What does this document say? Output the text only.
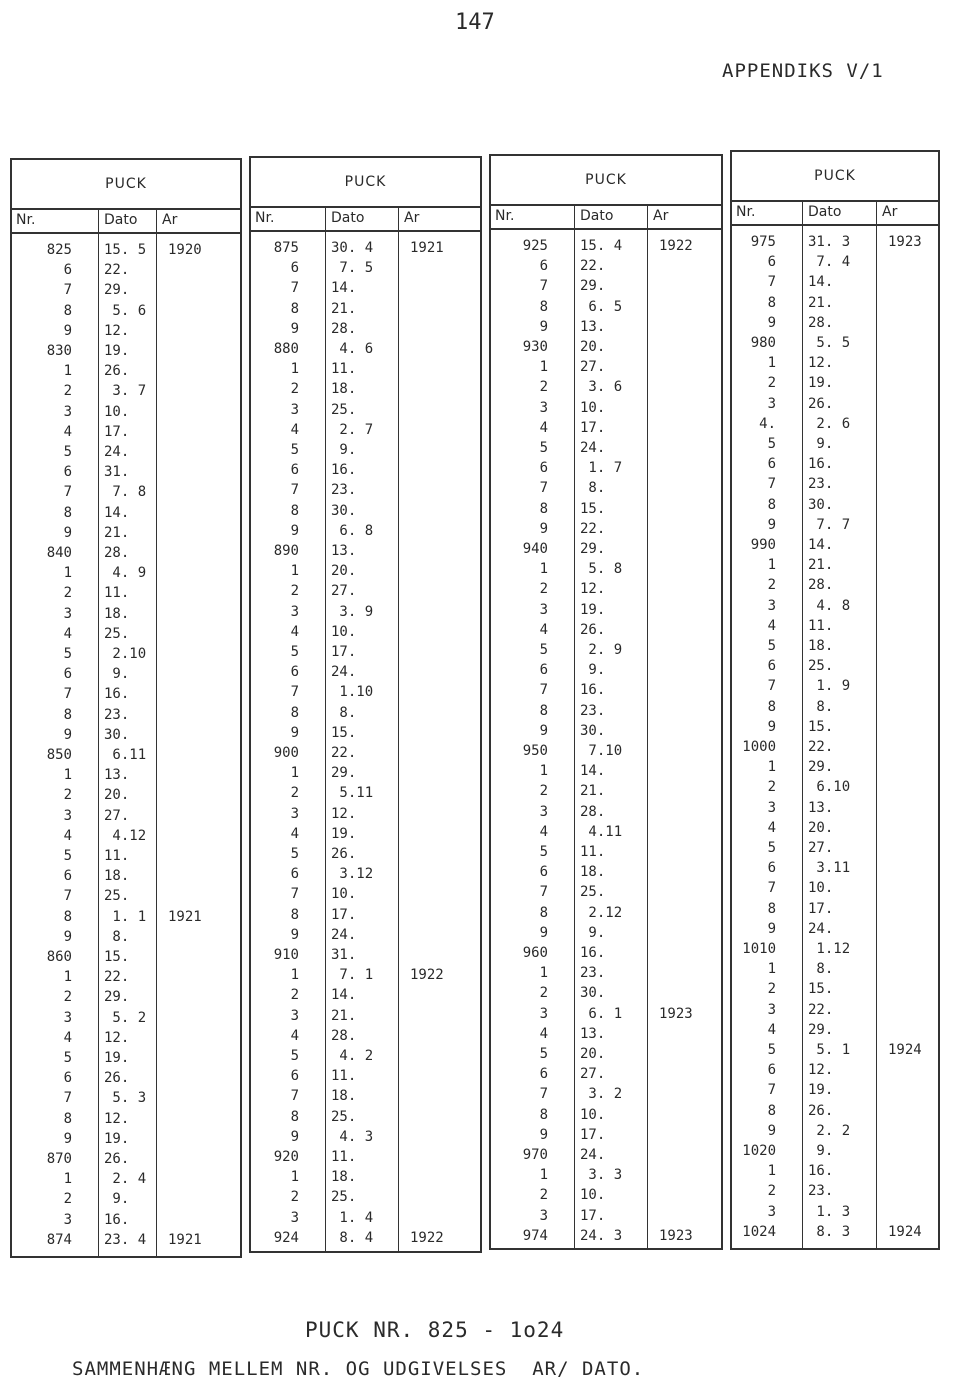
147
APPENDIKS V/1
PUCK
Nr.	Dato Ar
825 15. 5 1920
6 22.
7 29.
8 5. 6
9 12.
830 19.
1 26.
2 3. 7
3 10.
4 17.
5 24.
6 31.
7 7. 8
8 14.
9 21.
840 28.
1 4. 9
2 11.
3 18.
4 25.
5 2.10
6 9.
7 16.
8 23.
9 30.
850 6.11
1 13.
2 20.
3 27.
4 4.12
5 11.
6 18.
7 25.
8 1. 1 1921
9 8.
860 15.
1 22.
2 29.
3 5. 2
4 12.
5 19.
6 26.
7 5. 3
8 12.
9 19.
870 26.
1 2. 4
2 9.
3 16.
874 23. 4 1921
PUCK
Nr.	Dato	Ar
875 30. 4	1921
6 7. 5
7 14.
8 21.
9 28.
880 4. 6
1 11.
2 18.
3 25.
4 2. 7
5 9.
6 16.
7 23.
8 30.
9 6. 8
890 13.
1 20.
2 27.
3 3. 9
4 10.
5 17.
6 24.
7 1.10
8 8.
9 15.
900 22.
1 29.
2 5.11
3 12.
4 19.
5 26.
6 3.12
7 10.
8 17.
9 24.
910 31.
1 7. 1	1922
2 14.
3 21.
4 28.
5 4. 2
6 11.
7 18.
8 25.
9 4. 3
920 11.
1 18.
2 25.
3 1. 4
924 8. 4	1922
PUCK
Nr.	Dato	Ar
925 15. 4	1922
6 22.
7 29.
8 6. 5
9 13.
930 20.
1 27.
2 3. 6
3 10.
4 17.
5 24.
6 1. 7
7 8.
8 15.
9 22.
940 29.
1 5. 8
2 12.
3 19.
4 26.
5 2. 9
6 9.
7 16.
8 23.
9 30.
950 7.10
1 14.
2 21.
3 28.
4 4.11
5 11.
6 18.
7 25.
8 2.12
9 9.
960 16.
1 23.
2 30.
3 6. 1	1923
4 13.
5 20.
6 27.
7 3. 2
8 10.
9 17.
970 24.
1 3. 3
2 10.
3 17.
974 24. 3	1923
PUCK
Nr.	Dato	Ar
975 31. 3	1923
6 7. 4
7 14.
8 21.
9 28.
980 5. 5
1 12.
2 19.
3 26.
4. 2. 6
5 9.
6 16.
7 23.
8 30.
9 7. 7
990 14.
1 21.
2 28.
3 4. 8
4 11.
5 18.
6 25.
7 1. 9
8 8.
9 15.
1000 22.
1 29.
2 6.10
3 13.
4 20.
5 27.
6 3.11
7 10.
8 17.
9 24.
1010 1.12
1 8.
2 15.
3 22.
4 29.
5 5. 1	1924
6 12.
7 19.
8 26.
9 2. 2
1020 9.
1 16.
2 23.
3 1. 3
1024 8. 3	1924
PUCK NR. 825 - 1o24
SAMMENHÆNG MELLEM NR. OG UDGIVELSES  AR/ DATO.
